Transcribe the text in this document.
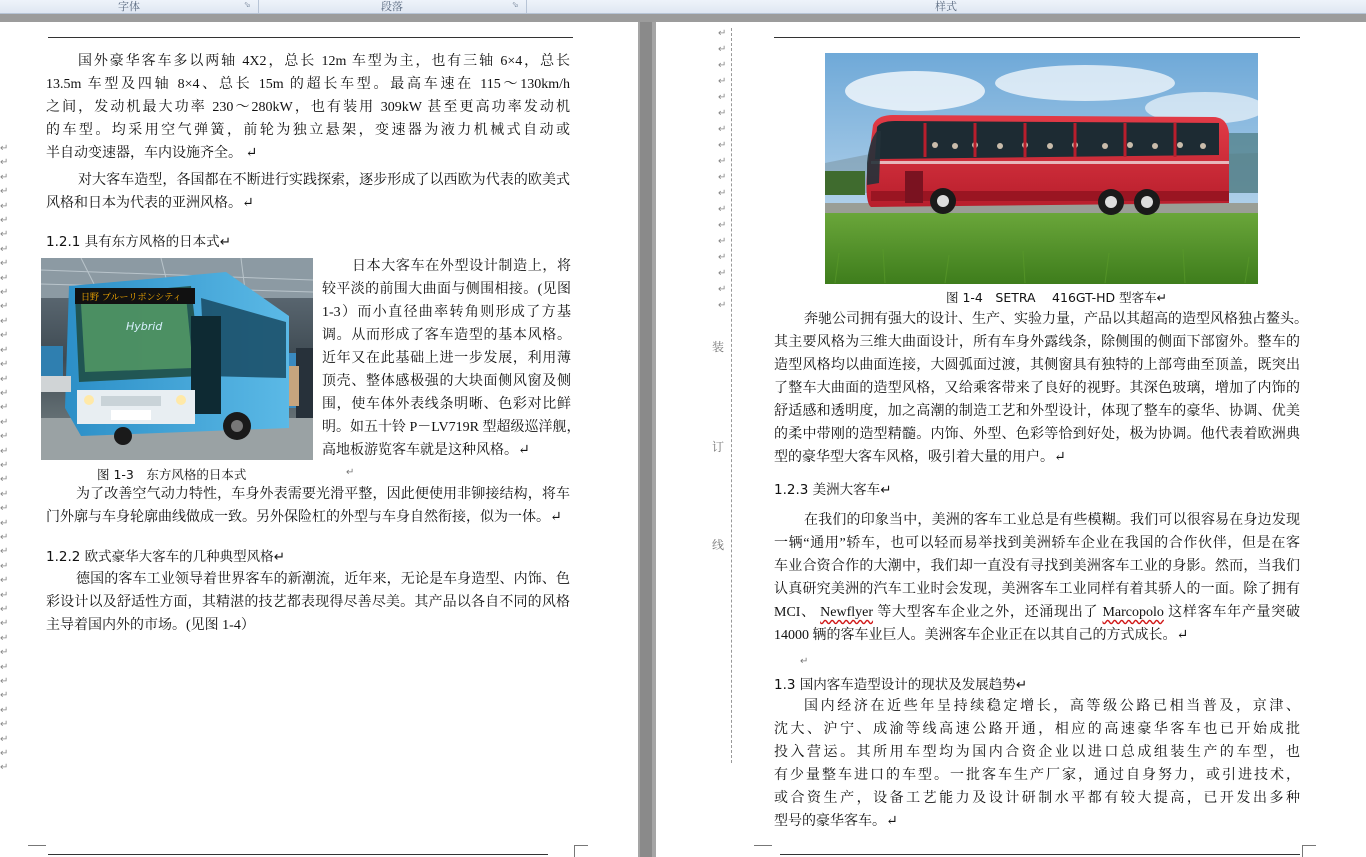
字体	⬂	段落	⬂	样式
↵
↵
↵
↵
↵
↵
↵
↵
↵
↵
↵
↵
↵
↵
↵
↵
↵
↵
↵
↵
↵
↵
↵
↵
↵
↵
↵
↵
↵
↵
↵
↵
↵
↵
↵
↵
↵
↵
↵
↵
↵
↵
↵
↵
国外豪华客车多以两轴 4X2，总长 12m 车型为主，也有三轴 6×4，总长
13.5m 车型及四轴 8×4、总长 15m 的超长车型。最高车速在 115～130km/h
之间，发动机最大功率 230～280kW，也有装用 309kW 甚至更高功率发动机
的车型。均采用空气弹簧，前轮为独立悬架，变速器为液力机械式自动或
半自动变速器，车内设施齐全。 ↵
对大客车造型，各国都在不断进行实践探索，逐步形成了以西欧为代表的欧美式
风格和日本为代表的亚洲风格。↵
1.2.1 具有东方风格的日本式↵
日野 ブルーリボンシティ
Hybrid
图 1-3　东方风格的日本式	↵
日本大客车在外型设计制造上，将
较平淡的前围大曲面与侧围相接。(见图
1-3）而小直径曲率转角则形成了方基
调。从而形成了客车造型的基本风格。
近年又在此基础上进一步发展，利用薄
顶壳、整体感极强的大块面侧风窗及侧
围，使车体外表线条明晰、色彩对比鲜
明。如五十铃 P－LV719R 型超级巡洋舰，
高地板游览客车就是这种风格。↵
为了改善空气动力特性，车身外表需要光滑平整，因此便使用非铆接结构，将车
门外廓与车身轮廓曲线做成一致。另外保险杠的外型与车身自然衔接，似为一体。↵
1.2.2 欧式豪华大客车的几种典型风格↵
德国的客车工业领导着世界客车的新潮流，近年来，无论是车身造型、内饰、色
彩设计以及舒适性方面，其精湛的技艺都表现得尽善尽美。其产品以各自不同的风格
主导着国内外的市场。(见图 1-4）
图 1-4　SETRA　 416GT-HD 型客车↵
奔驰公司拥有强大的设计、生产、实验力量，产品以其超高的造型风格独占鳌头。
其主要风格为三维大曲面设计，所有车身外露线条，除侧围的侧面下部窗外。整车的
造型风格均以曲面连接，大圆弧面过渡，其侧窗具有独特的上部弯曲至顶盖，既突出
了整车大曲面的造型风格，又给乘客带来了良好的视野。其深色玻璃，增加了内饰的
舒适感和透明度，加之高潮的制造工艺和外型设计，体现了整车的豪华、协调、优美
的柔中带刚的造型精髓。内饰、外型、色彩等恰到好处，极为协调。他代表着欧洲典
型的豪华型大客车风格，吸引着大量的用户。↵
1.2.3 美洲大客车↵
在我们的印象当中，美洲的客车工业总是有些模糊。我们可以很容易在身边发现
一辆“通用”轿车，也可以轻而易举找到美洲轿车企业在我国的合作伙伴，但是在客
车业合资合作的大潮中，我们却一直没有寻找到美洲客车工业的身影。然而，当我们
认真研究美洲的汽车工业时会发现，美洲客车工业同样有着其骄人的一面。除了拥有
MCI、 Newflyer 等大型客车企业之外，还涌现出了 Marcopolo 这样客车年产量突破
14000 辆的客车业巨人。美洲客车企业正在以其自己的方式成长。↵
↵
1.3 国内客车造型设计的现状及发展趋势↵
国内经济在近些年呈持续稳定增长，高等级公路已相当普及，京津、
沈大、沪宁、成渝等线高速公路开通，相应的高速豪华客车也已开始成批
投入营运。其所用车型均为国内合资企业以进口总成组装生产的车型，也
有少量整车进口的车型。一批客车生产厂家，通过自身努力，或引进技术，
或合资生产，设备工艺能力及设计研制水平都有较大提高，已开发出多种
型号的豪华客车。↵
↵
↵
↵
↵
↵
↵
↵
↵
↵
↵
↵
↵
↵
↵
↵
↵
↵
↵
装
订
线
